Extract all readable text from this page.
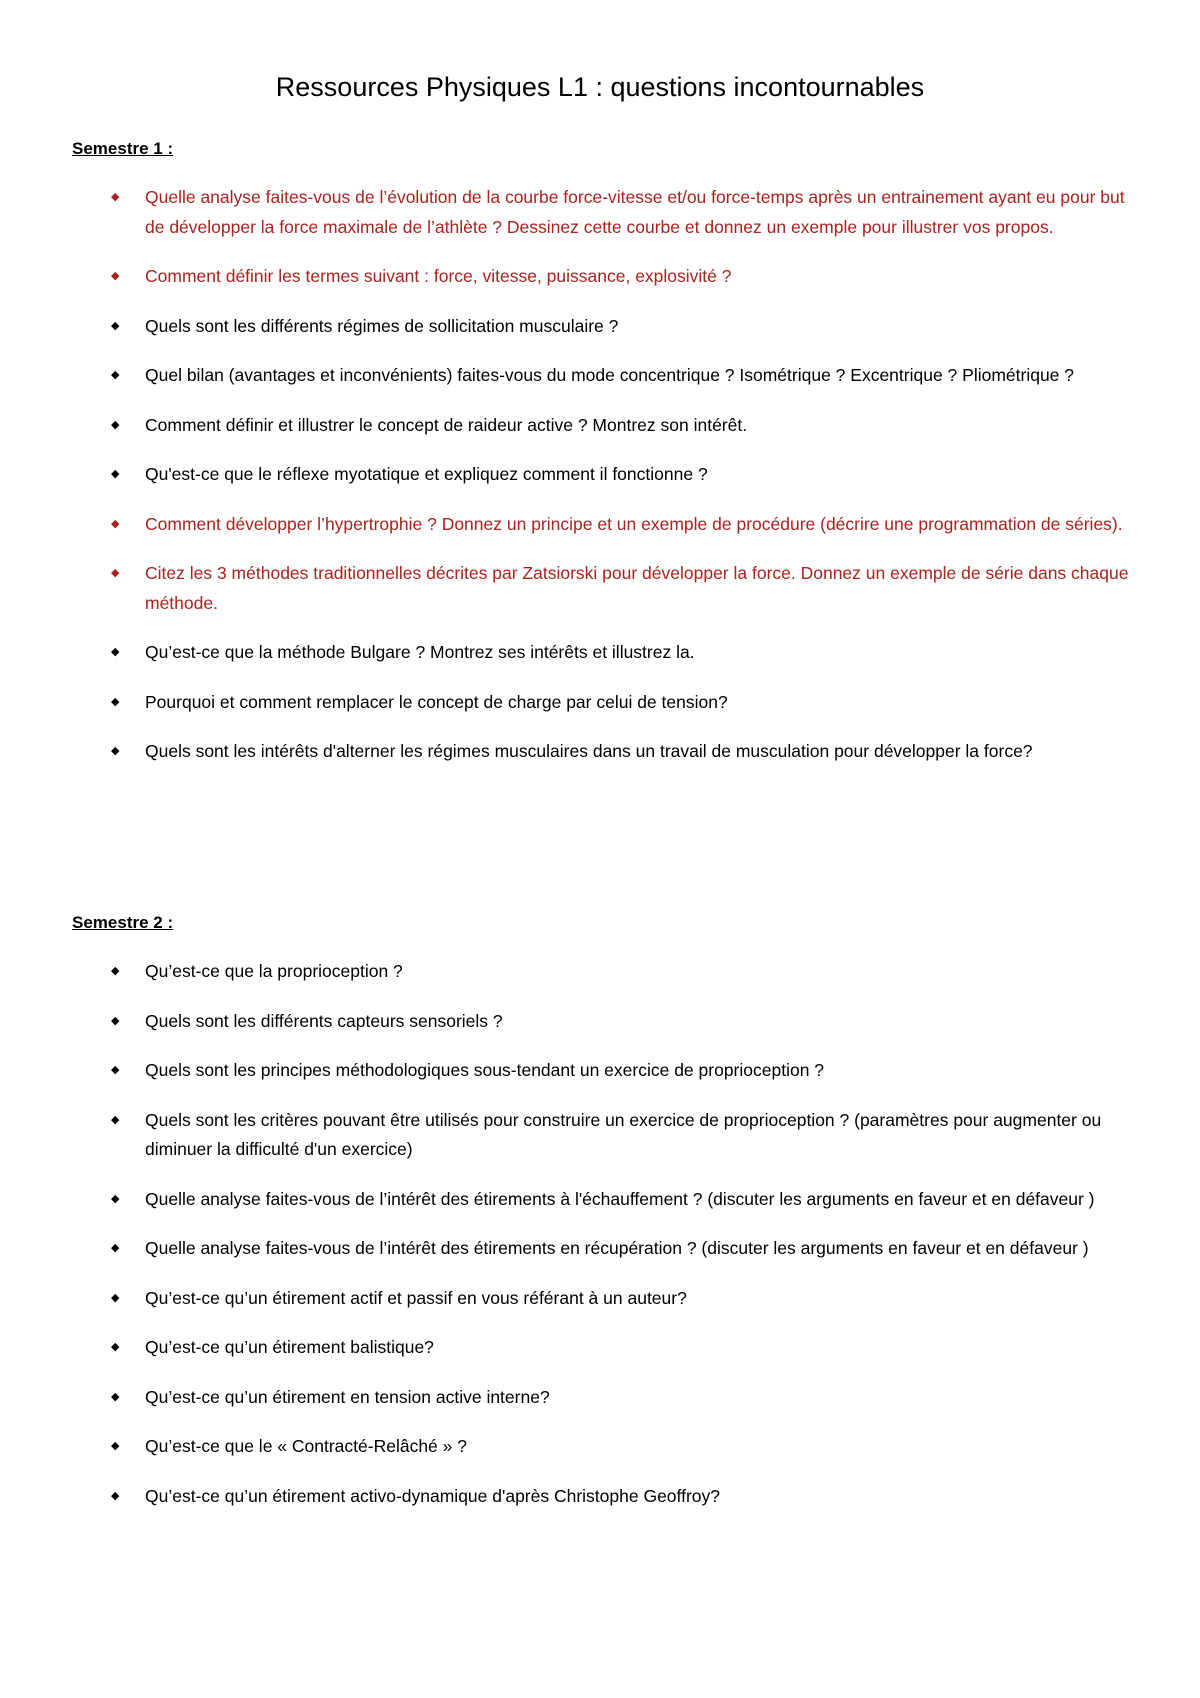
Ressources Physiques L1 : questions incontournables
Semestre 1 :
◆ Quelle analyse faites-vous de l’évolution de la courbe force-vitesse et/ou force-temps après un entrainement ayant eu pour but de développer la force maximale de l’athlète ? Dessinez cette courbe et donnez un exemple pour illustrer vos propos.
◆ Comment définir les termes suivant : force, vitesse, puissance, explosivité ?
◆ Quels sont les différents régimes de sollicitation musculaire ?
◆ Quel bilan (avantages et inconvénients) faites-vous du mode concentrique ? Isométrique ? Excentrique ? Pliométrique ?
◆ Comment définir et illustrer le concept de raideur active ? Montrez son intérêt.
◆ Qu'est-ce que le réflexe myotatique et expliquez comment il fonctionne ?
◆ Comment développer l’hypertrophie ? Donnez un principe et un exemple de procédure (décrire une programmation de séries).
◆ Citez les 3 méthodes traditionnelles décrites par Zatsiorski pour développer la force. Donnez un exemple de série dans chaque méthode.
◆ Qu’est-ce que la méthode Bulgare ? Montrez ses intérêts et illustrez la.
◆ Pourquoi et comment remplacer le concept de charge par celui de tension?
◆ Quels sont les intérêts d'alterner les régimes musculaires dans un travail de musculation pour développer la force?
Semestre 2 :
◆ Qu’est-ce que la proprioception ?
◆ Quels sont les différents capteurs sensoriels ?
◆ Quels sont les principes méthodologiques sous-tendant un exercice de proprioception ?
◆ Quels sont les critères pouvant être utilisés pour construire un exercice de proprioception ? (paramètres pour augmenter ou diminuer la difficulté d'un exercice)
◆ Quelle analyse faites-vous de l’intérêt des étirements à l'échauffement ? (discuter les arguments en faveur et en défaveur )
◆ Quelle analyse faites-vous de l’intérêt des étirements en récupération ? (discuter les arguments en faveur et en défaveur )
◆ Qu’est-ce qu’un étirement actif et passif en vous référant à un auteur?
◆ Qu’est-ce qu’un étirement balistique?
◆ Qu’est-ce qu’un étirement en tension active interne?
◆ Qu’est-ce que le « Contracté-Relâché » ?
◆ Qu’est-ce qu’un étirement activo-dynamique d'après Christophe Geoffroy?
